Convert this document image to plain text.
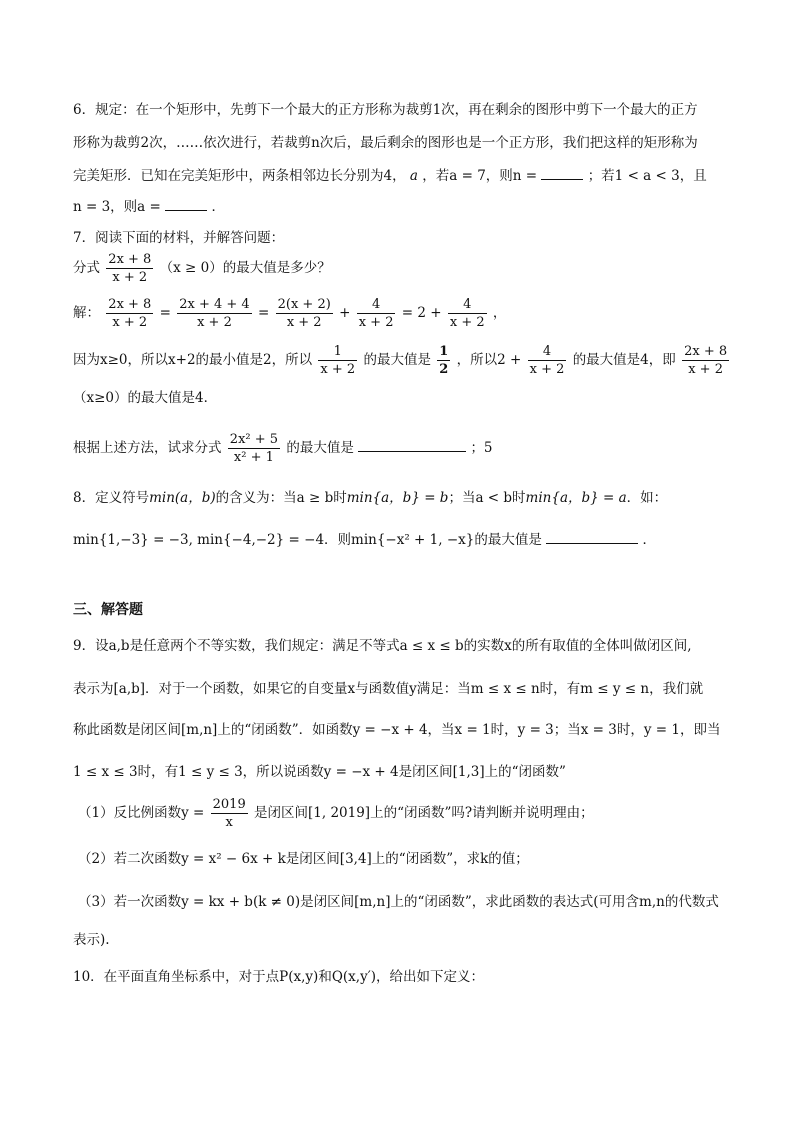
6．规定：在一个矩形中，先剪下一个最大的正方形称为裁剪1次，再在剩余的图形中剪下一个最大的正方
形称为裁剪2次，……依次进行，若裁剪n次后，最后剩余的图形也是一个正方形，我们把这样的矩形称为
完美矩形．已知在完美矩形中，两条相邻边长分别为4， a ，若a = 7，则n =	；若1 < a < 3，且
n = 3，则a =	．
7．阅读下面的材料，并解答问题：
分式 $\frac{2x + 8}{x + 2} (x \ge 0)$的最大值是多少？
解： $\frac{2x + 8}{x + 2} = \frac{2x + 4 + 4}{x + 2} = \frac{2(x + 2)}{x + 2} + \frac{4}{x + 2} = 2 + \frac{4}{x + 2}$ ，
因为x≥0，所以x+2的最小值是2，所以 $\frac{1}{x + 2}$ 的最大值是 $\frac{1}{2}$ ，所以$2 + \frac{4}{x + 2}$ 的最大值是4，即 $\frac{2x + 8}{x + 2}$
（x≥0）的最大值是4．
根据上述方法，试求分式 $\frac{\text{2x² + 5}}{\text{x² + 1}}$ 的最大值是	；5
8．定义符号min(a，b)的含义为：当a ≥ b时min{a，b} = b；当a < b时min{a，b} = a．如：
min{1,−3} = −3, min{−4,−2} = −4．则min{−x² + 1, −x}的最大值是	．
三、解答题
9．设a,b是任意两个不等实数，我们规定：满足不等式a ≤ x ≤ b的实数x的所有取值的全体叫做闭区间,
表示为[a,b]．对于一个函数，如果它的自变量x与函数值y满足：当m ≤ x ≤ n时，有m ≤ y ≤ n，我们就
称此函数是闭区间[m,n]上的“闭函数”．如函数y = −x + 4，当x = 1时，y = 3；当x = 3时，y = 1，即当
1 ≤ x ≤ 3时，有1 ≤ y ≤ 3，所以说函数y = −x + 4是闭区间[1,3]上的“闭函数”
（1）反比例函数$y = \frac{2019}{x}$ 是闭区间[1, 2019]上的“闭函数”吗?请判断并说明理由；
（2）若二次函数y = x² − 6x + k是闭区间[3,4]上的“闭函数”，求k的值；
（3）若一次函数y = kx + b(k ≠ 0)是闭区间[m,n]上的“闭函数”，求此函数的表达式(可用含m,n的代数式
表示).
10．在平面直角坐标系中，对于点P(x,y)和Q(x,y′)，给出如下定义：
